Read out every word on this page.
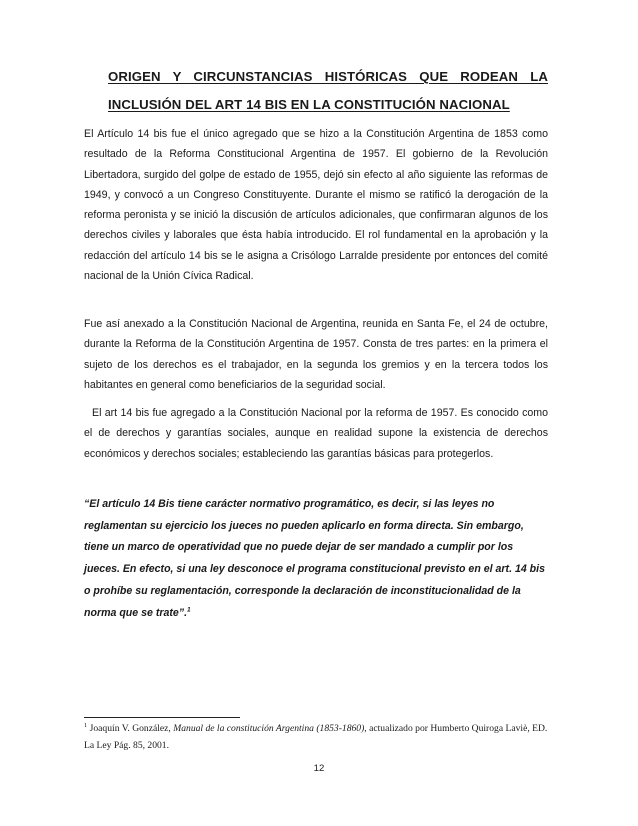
ORIGEN Y CIRCUNSTANCIAS HISTÓRICAS QUE RODEAN LA
INCLUSIÓN DEL ART 14 BIS EN LA CONSTITUCIÓN NACIONAL

El Artículo 14 bis fue el único agregado que se hizo a la Constitución Argentina de 1853 como resultado de la Reforma Constitucional Argentina de 1957. El gobierno de la Revolución Libertadora, surgido del golpe de estado de 1955, dejó sin efecto al año siguiente las reformas de 1949, y convocó a un Congreso Constituyente. Durante el mismo se ratificó la derogación de la reforma peronista y se inició la discusión de artículos adicionales, que confirmaran algunos de los derechos civiles y laborales que ésta había introducido. El rol fundamental en la aprobación y la redacción del artículo 14 bis se le asigna a Crisólogo Larralde presidente por entonces del comité nacional de la Unión Cívica Radical.

Fue así anexado a la Constitución Nacional de Argentina, reunida en Santa Fe, el 24 de octubre, durante la Reforma de la Constitución Argentina de 1957. Consta de tres partes: en la primera el sujeto de los derechos es el trabajador, en la segunda los gremios y en la tercera todos los habitantes en general como beneficiarios de la seguridad social.

El art 14 bis fue agregado a la Constitución Nacional por la reforma de 1957. Es conocido como el de derechos y garantías sociales, aunque en realidad supone la existencia de derechos económicos y derechos sociales; estableciendo las garantías básicas para protegerlos.

“El artículo 14 Bis tiene carácter normativo programático, es decir, si las leyes no reglamentan su ejercicio los jueces no pueden aplicarlo en forma directa. Sin embargo, tiene un marco de operatividad que no puede dejar de ser mandado a cumplir por los jueces. En efecto, si una ley desconoce el programa constitucional previsto en el art. 14 bis o prohíbe su reglamentación, corresponde la declaración de inconstitucionalidad de la norma que se trate”.$^1$

$^1$ Joaquín V. González, Manual de la constitución Argentina (1853-1860), actualizado por Humberto Quiroga Laviè, ED. La Ley Pág. 85, 2001.

12
